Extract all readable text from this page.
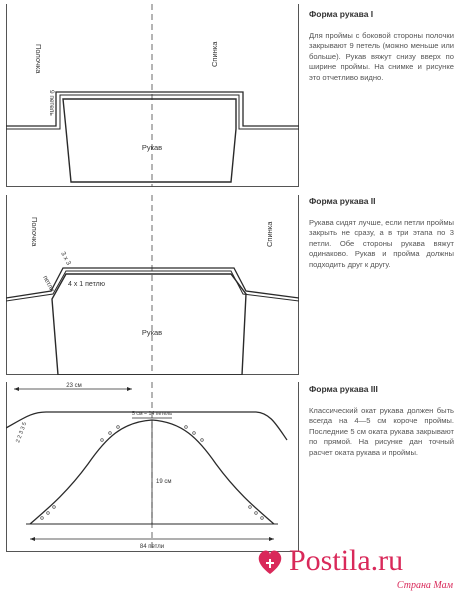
Полочка	Спинка
9 петель
Рукав
Полочка	Спинка
3 x 3
петли 4 x 1 петлю
Рукав
23 см
5 см = 14 петель
19 см
84 петли
2 2 3 3 5
Форма рукава I

Для проймы с боковой стороны полочки закрывают 9 петель (можно меньше или больше). Рукав вяжут снизу вверх по ширине проймы. На снимке и рисунке это отчетливо видно.

Форма рукава II

Рукава сидят лучше, если петли проймы закрыть не сразу, а в три этапа по 3 петли. Обе стороны рукава вяжут одинаково. Рукав и пройма должны подходить друг к другу.

Форма рукава III

Классический окат рукава должен быть всегда на 4—5 см короче проймы. Последние 5 см оката рукава закрывают по прямой. На рисунке дан точный расчет оката рукава и проймы.

Postila.ru
Страна Мам
